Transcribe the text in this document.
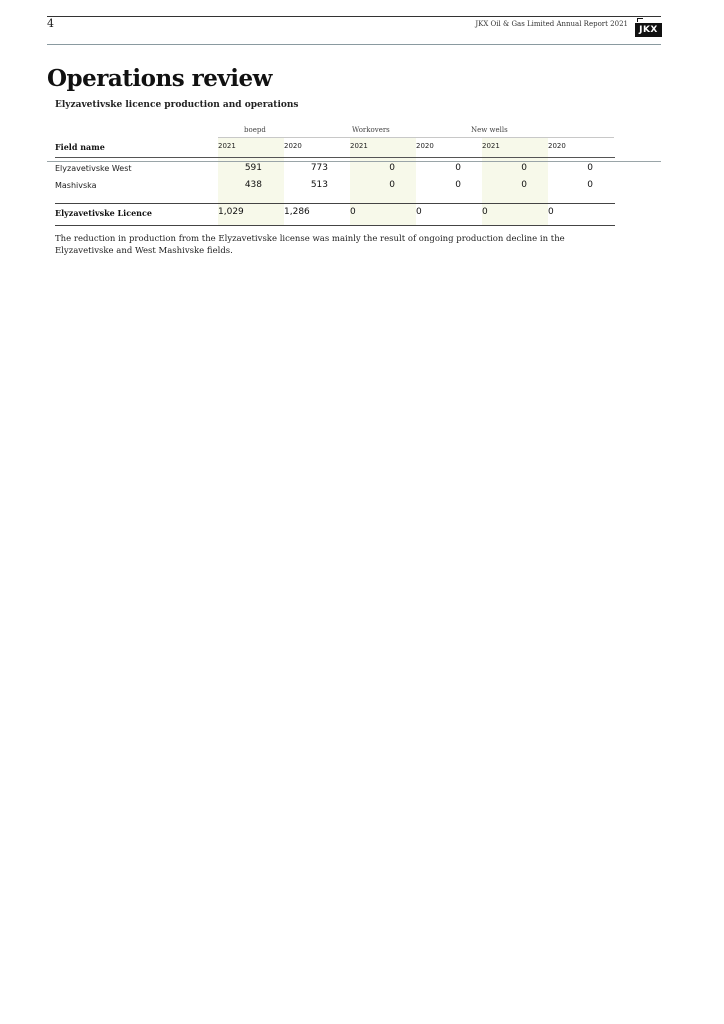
4	JKX Oil & Gas Limited Annual Report 2021
JKX
Operations review
Elyzavetivske licence production and operations
boepd	Workovers	New wells
Field name	2021	2020	2021	2020	2021	2020
Elyzavetivske West	591	773	0	0	0	0
Mashivska	438	513	0	0	0	0
Elyzavetivske Licence	1,029	1,286	0	0	0	0
The reduction in production from the Elyzavetivske license was mainly the result of ongoing production decline in the Elyzavetivske and West Mashivske fields.
